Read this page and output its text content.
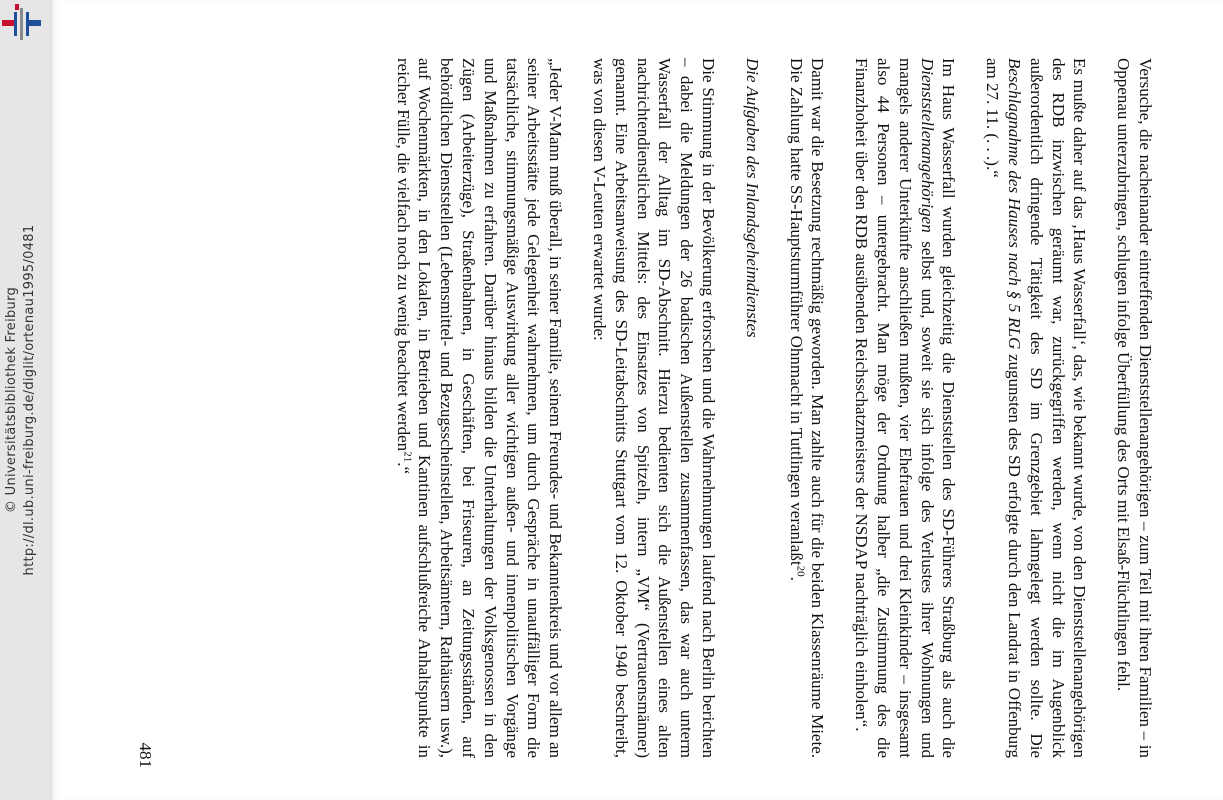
© Universitätsbibliothek Freiburg http://dl.ub.uni-freiburg.de/diglit/ortenau1995/0481	Versuche, die nacheinander eintreffenden Dienststellenangehörigen – zum Teil mit ihren Familien – in Oppenau unterzubringen, schlugen infolge Überfüllung des Orts mit Elsaß-Flüchtlingen fehl.

Es mußte daher auf das ‚Haus Wasserfall‘, das, wie bekannt wurde, von den Dienststellenangehörigen des RDB inzwischen geräumt war, zurückgegriffen werden, wenn nicht die im Augenblick außerordentlich dringende Tätigkeit des SD im Grenzgebiet lahmgelegt werden sollte. Die Beschlagnahme des Hauses nach § 5 RLG zugunsten des SD erfolgte durch den Landrat in Offenburg am 27. 11. (. . .).“

Im Haus Wasserfall wurden gleichzeitig die Dienststellen des SD-Führers Straßburg als auch die Dienststellenangehörigen selbst und, soweit sie sich infolge des Verlustes ihrer Wohnungen und mangels anderer Unterkünfte anschließen mußten, vier Ehefrauen und drei Kleinkinder – insgesamt also 44 Personen – untergebracht. Man möge der Ordnung halber „die Zustimmung des die Finanzhoheit über den RDB ausübenden Reichsschatzmeisters der NSDAP nachträglich einholen“.

Damit war die Besetzung rechtmäßig geworden. Man zahlte auch für die beiden Klassenräume Miete. Die Zahlung hatte SS-Hauptsturmführer Ohnmacht in Tuttlingen veranlaßt$^{20}$.

Die Aufgaben des Inlandsgeheimdienstes

Die Stimmung in der Bevölkerung erforschen und die Wahrnehmungen laufend nach Berlin berichten – dabei die Meldungen der 26 badischen Außenstellen zusammenfassen, das war auch unterm Wasserfall der Alltag im SD-Abschnitt. Hierzu bedienten sich die Außenstellen eines alten nachrichtendienstlichen Mittels: des Einsatzes von Spitzeln, intern „VM“ (Vertrauensmänner) genannt. Eine Arbeitsanweisung des SD-Leitabschnitts Stuttgart vom 12. Oktober 1940 beschreibt, was von diesen V-Leuten erwartet wurde:

„Jeder V-Mann muß überall, in seiner Familie, seinem Freundes- und Bekanntenkreis und vor allem an seiner Arbeitsstätte jede Gelegenheit wahrnehmen, um durch Gespräche in unauffälliger Form die tatsächliche, stimmungsmäßige Auswirkung aller wichtigen außen- und innenpolitischen Vorgänge und Maßnahmen zu erfahren. Darüber hinaus bilden die Unterhaltungen der Volksgenossen in den Zügen (Arbeiterzüge), Straßenbahnen, in Geschäften, bei Friseuren, an Zeitungsständen, auf behördlichen Dienststellen (Lebensmittel- und Bezugsscheinstellen, Arbeitsämtern, Rathäusern usw.), auf Wochenmärkten, in den Lokalen, in Betrieben und Kantinen aufschlußreiche Anhaltspunkte in reicher Fülle, die vielfach noch zu wenig beachtet werden$^{21}$.“

481
